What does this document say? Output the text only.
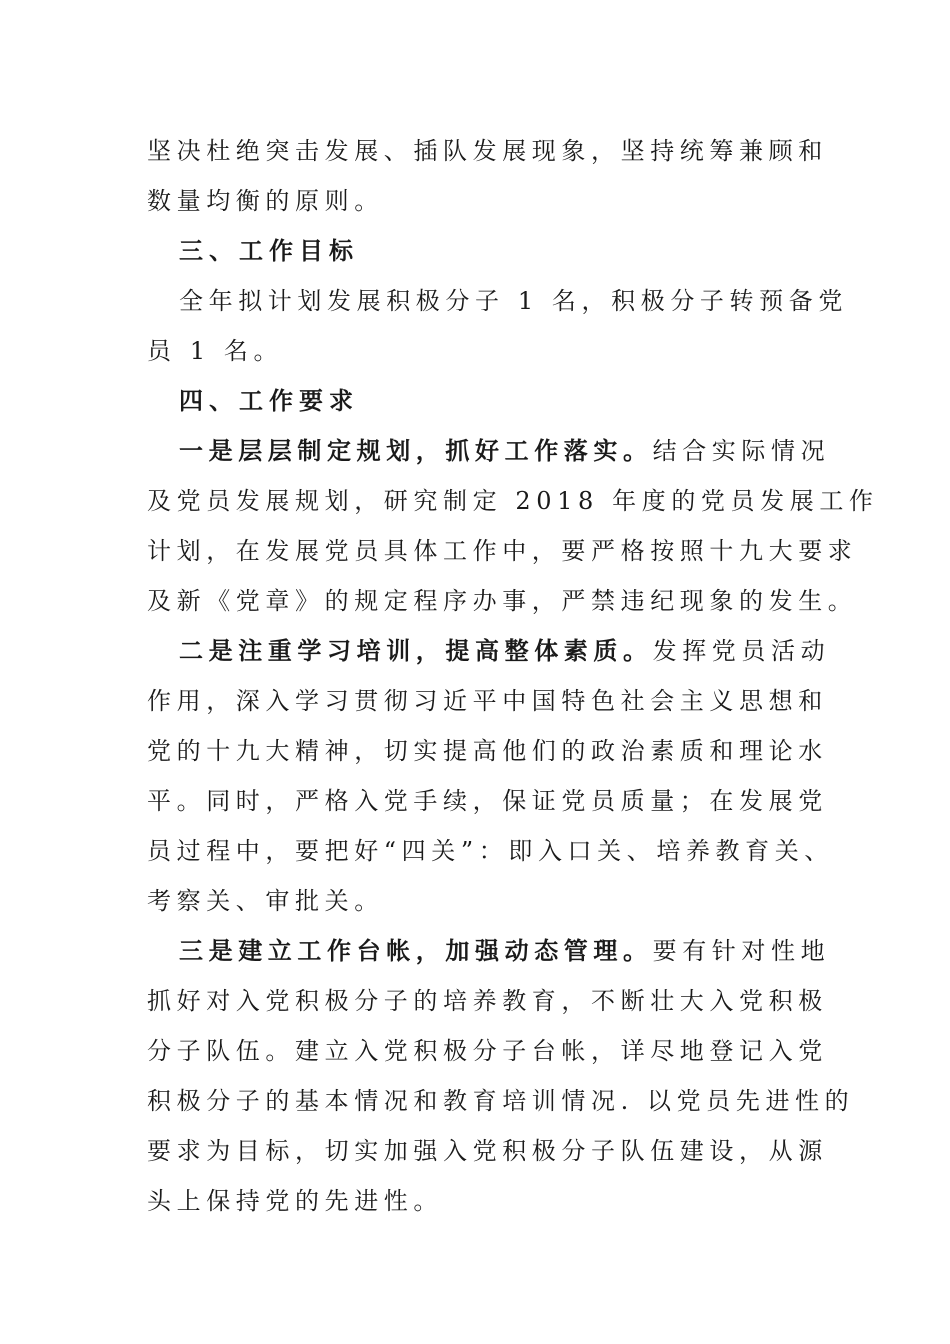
坚决杜绝突击发展、插队发展现象，坚持统筹兼顾和
数量均衡的原则。
三、工作目标
全年拟计划发展积极分子 1 名，积极分子转预备党
员 1 名。
四、工作要求
一是层层制定规划，抓好工作落实。结合实际情况
及党员发展规划，研究制定 2018 年度的党员发展工作
计划，在发展党员具体工作中，要严格按照十九大要求
及新《党章》的规定程序办事，严禁违纪现象的发生。
二是注重学习培训，提高整体素质。发挥党员活动
作用，深入学习贯彻习近平中国特色社会主义思想和
党的十九大精神，切实提高他们的政治素质和理论水
平。同时，严格入党手续，保证党员质量；在发展党
员过程中，要把好“四关”：即入口关、培养教育关、
考察关、审批关。
三是建立工作台帐，加强动态管理。要有针对性地
抓好对入党积极分子的培养教育，不断壮大入党积极
分子队伍。建立入党积极分子台帐，详尽地登记入党
积极分子的基本情况和教育培训情况. 以党员先进性的
要求为目标，切实加强入党积极分子队伍建设，从源
头上保持党的先进性。
